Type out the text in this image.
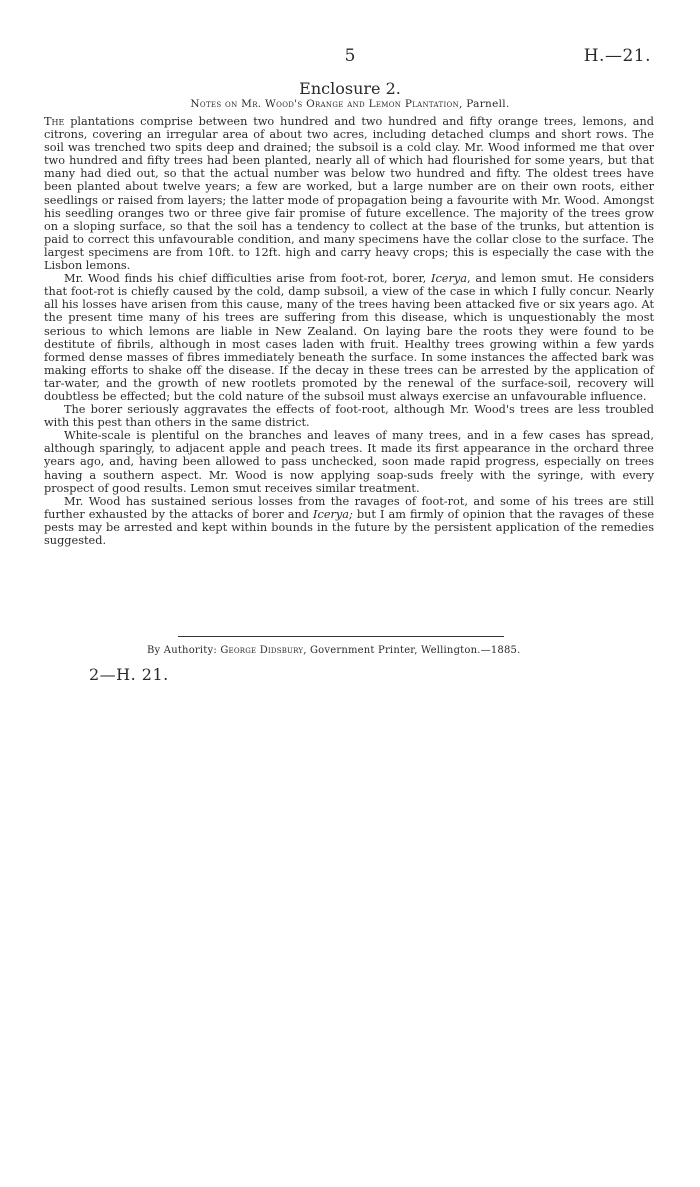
5	H.—21.
Enclosure 2.
Notes on Mr. Wood's Orange and Lemon Plantation, Parnell.

The plantations comprise between two hundred and two hundred and fifty orange trees, lemons, and citrons, covering an irregular area of about two acres, including detached clumps and short rows. The soil was trenched two spits deep and drained; the subsoil is a cold clay. Mr. Wood informed me that over two hundred and fifty trees had been planted, nearly all of which had flourished for some years, but that many had died out, so that the actual number was below two hundred and fifty. The oldest trees have been planted about twelve years; a few are worked, but a large number are on their own roots, either seedlings or raised from layers; the latter mode of propagation being a favourite with Mr. Wood. Amongst his seedling oranges two or three give fair promise of future excellence. The majority of the trees grow on a sloping surface, so that the soil has a tendency to collect at the base of the trunks, but attention is paid to correct this unfavourable condition, and many specimens have the collar close to the surface. The largest specimens are from 10ft. to 12ft. high and carry heavy crops; this is especially the case with the Lisbon lemons.

Mr. Wood finds his chief difficulties arise from foot-rot, borer, Icerya, and lemon smut. He considers that foot-rot is chiefly caused by the cold, damp subsoil, a view of the case in which I fully concur. Nearly all his losses have arisen from this cause, many of the trees having been attacked five or six years ago. At the present time many of his trees are suffering from this disease, which is unquestionably the most serious to which lemons are liable in New Zealand. On laying bare the roots they were found to be destitute of fibrils, although in most cases laden with fruit. Healthy trees growing within a few yards formed dense masses of fibres immediately beneath the surface. In some instances the affected bark was making efforts to shake off the disease. If the decay in these trees can be arrested by the application of tar-water, and the growth of new rootlets promoted by the renewal of the surface-soil, recovery will doubtless be effected; but the cold nature of the subsoil must always exercise an unfavourable influence.

The borer seriously aggravates the effects of foot-root, although Mr. Wood's trees are less troubled with this pest than others in the same district.

White-scale is plentiful on the branches and leaves of many trees, and in a few cases has spread, although sparingly, to adjacent apple and peach trees. It made its first appearance in the orchard three years ago, and, having been allowed to pass unchecked, soon made rapid progress, especially on trees having a southern aspect. Mr. Wood is now applying soap-suds freely with the syringe, with every prospect of good results. Lemon smut receives similar treatment.

Mr. Wood has sustained serious losses from the ravages of foot-rot, and some of his trees are still further exhausted by the attacks of borer and Icerya; but I am firmly of opinion that the ravages of these pests may be arrested and kept within bounds in the future by the persistent application of the remedies suggested.

By Authority: George Didsbury, Government Printer, Wellington.—1885.
2—H. 21.
